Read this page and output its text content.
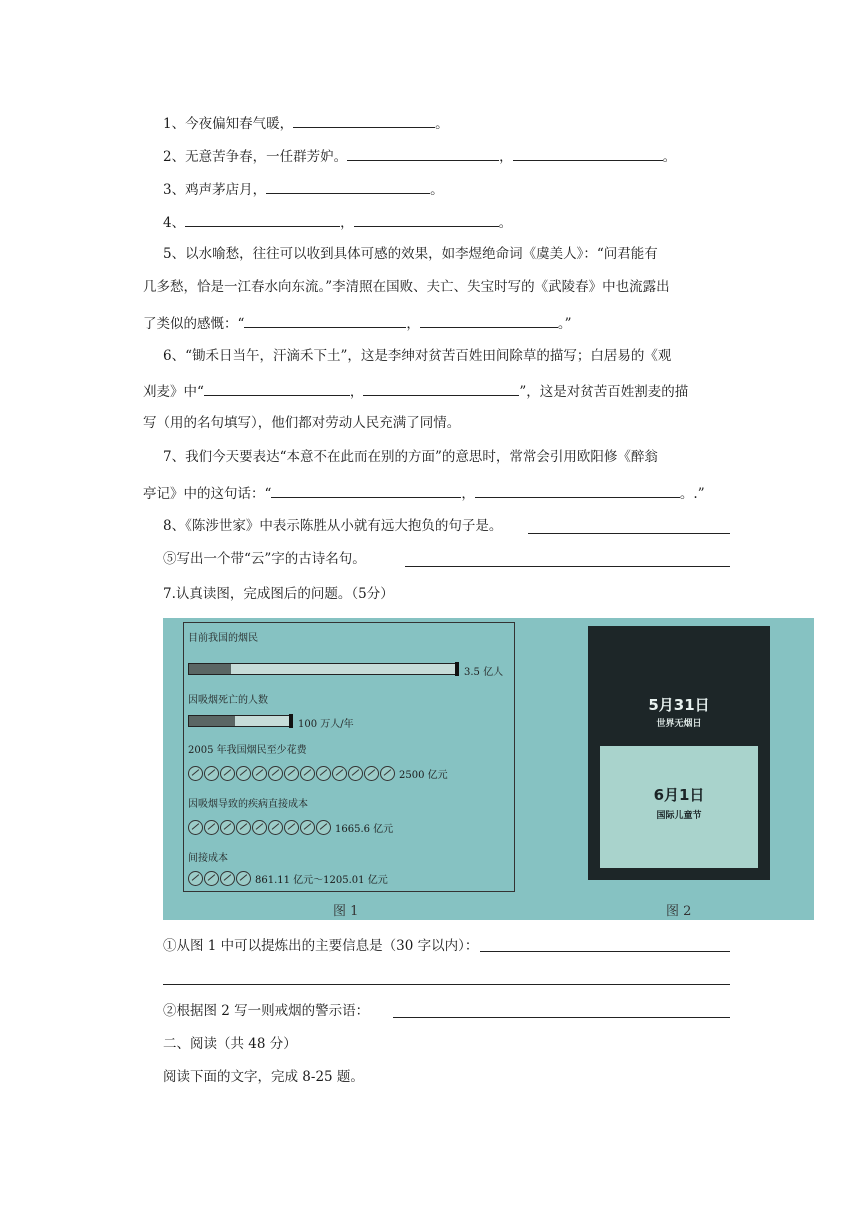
1、今夜偏知春气暖，	。
2、无意苦争春，一任群芳妒。	，	。
3、鸡声茅店月，	。
4、	，	。
5、以水喻愁，往往可以收到具体可感的效果，如李煜绝命词《虞美人》：“问君能有
几多愁，恰是一江春水向东流。”李清照在国败、夫亡、失宝时写的《武陵春》中也流露出
了类似的感慨：“	，	。”
6、“锄禾日当午，汗滴禾下土”，这是李绅对贫苦百姓田间除草的描写；白居易的《观
刈麦》中“	，	”，这是对贫苦百姓割麦的描
写（用的名句填写），他们都对劳动人民充满了同情。
7、我们今天要表达“本意不在此而在别的方面”的意思时，常常会引用欧阳修《醉翁
亭记》中的这句话：“	，	。.”
8、《陈涉世家》中表示陈胜从小就有远大抱负的句子是。
⑤写出一个带“云”字的古诗名句。
7.认真读图，完成图后的问题。（5分）
目前我国的烟民
3.5 亿人
因吸烟死亡的人数
100 万人/年
2005 年我国烟民至少花费
2500 亿元
因吸烟导致的疾病直接成本
1665.6 亿元
间接成本
861.11 亿元～1205.01 亿元
图 1
5月31日
世界无烟日
6月1日
国际儿童节
图 2
①从图 1 中可以提炼出的主要信息是（30 字以内）：
②根据图 2 写一则戒烟的警示语：
二、阅读（共 48 分）
阅读下面的文字，完成 8-25 题。
